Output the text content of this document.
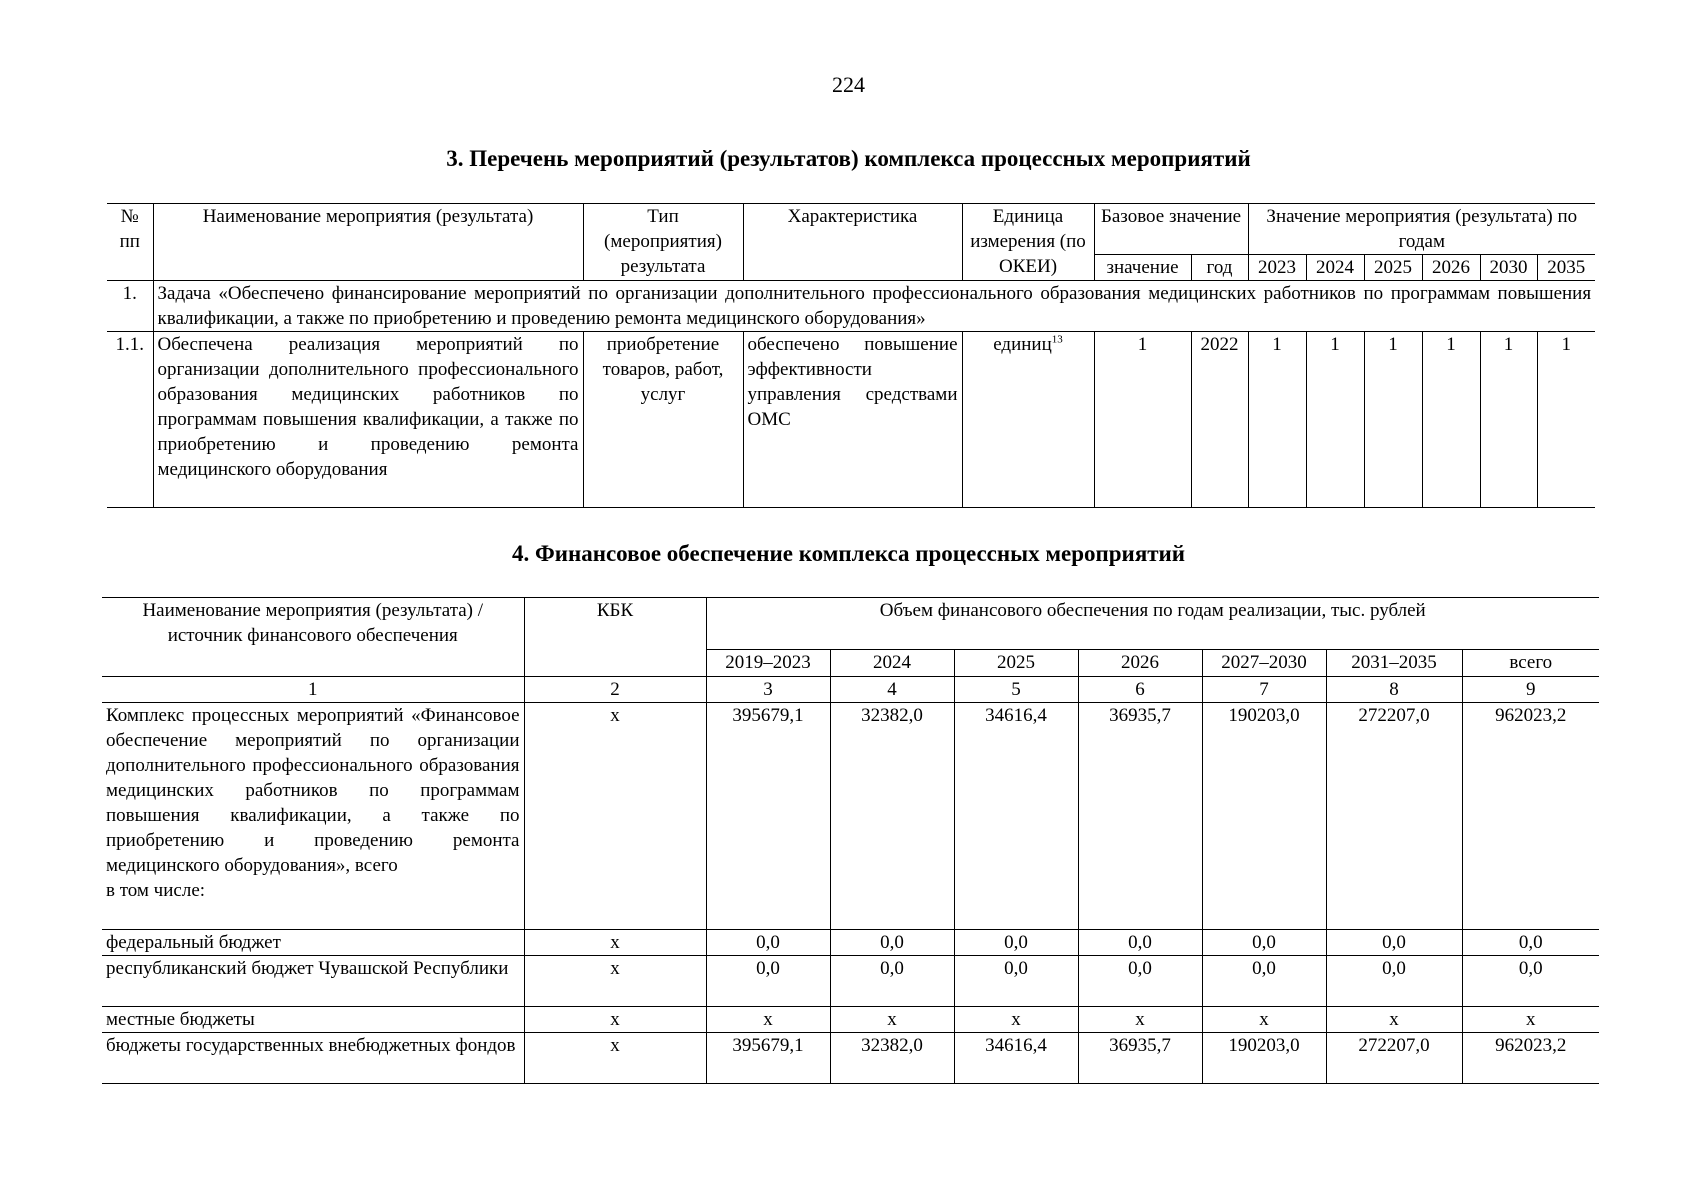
224
3. Перечень мероприятий (результатов) комплекса процессных мероприятий
№ пп	Наименование мероприятия (результата)	Тип (мероприятия) результата	Характеристика	Единица измерения (по ОКЕИ)	Базовое значение		Значение мероприятия (результата) по годам					

					значение	год	2023	2024	2025	2026	2030	2035
1.	Задача «Обеспечено финансирование мероприятий по организации дополнительного профессионального образования медицинских работников по программам повышения квалификации, а также по приобретению и проведению ремонта медицинского оборудования»											
1.1.	Обеспечена реализация мероприятий по организации дополнительного профессионального образования медицинских работников по программам повышения квалификации, а также по приобретению и проведению ремонта медицинского оборудования	приобретение товаров, работ, услуг	обеспечено повышение эффективности управления средствами ОМС	единиц$^{13}$	1	2022	1	1	1	1	1	1
4. Финансовое обеспечение комплекса процессных мероприятий
Наименование мероприятия (результата) / источник финансового обеспечения	КБК	Объем финансового обеспечения по годам реализации, тыс. рублей						
		2019–2023	2024	2025	2026	2027–2030	2031–2035	всего
1	2	3	4	5	6	7	8	9

Комплекс процессных мероприятий «Финансовое обеспечение мероприятий по организации дополнительного профессионального образования медицинских работников по программам повышения квалификации, а также по приобретению и проведению ремонта медицинского оборудования», всего
в том числе:	x	395679,1	32382,0	34616,4	36935,7	190203,0	272207,0	962023,2
федеральный бюджет	x	0,0	0,0	0,0	0,0	0,0	0,0	0,0
республиканский бюджет Чувашской Республики	x	0,0	0,0	0,0	0,0	0,0	0,0	0,0
местные бюджеты	x	x	x	x	x	x	x	x
бюджеты государственных внебюджетных фондов	x	395679,1	32382,0	34616,4	36935,7	190203,0	272207,0	962023,2
